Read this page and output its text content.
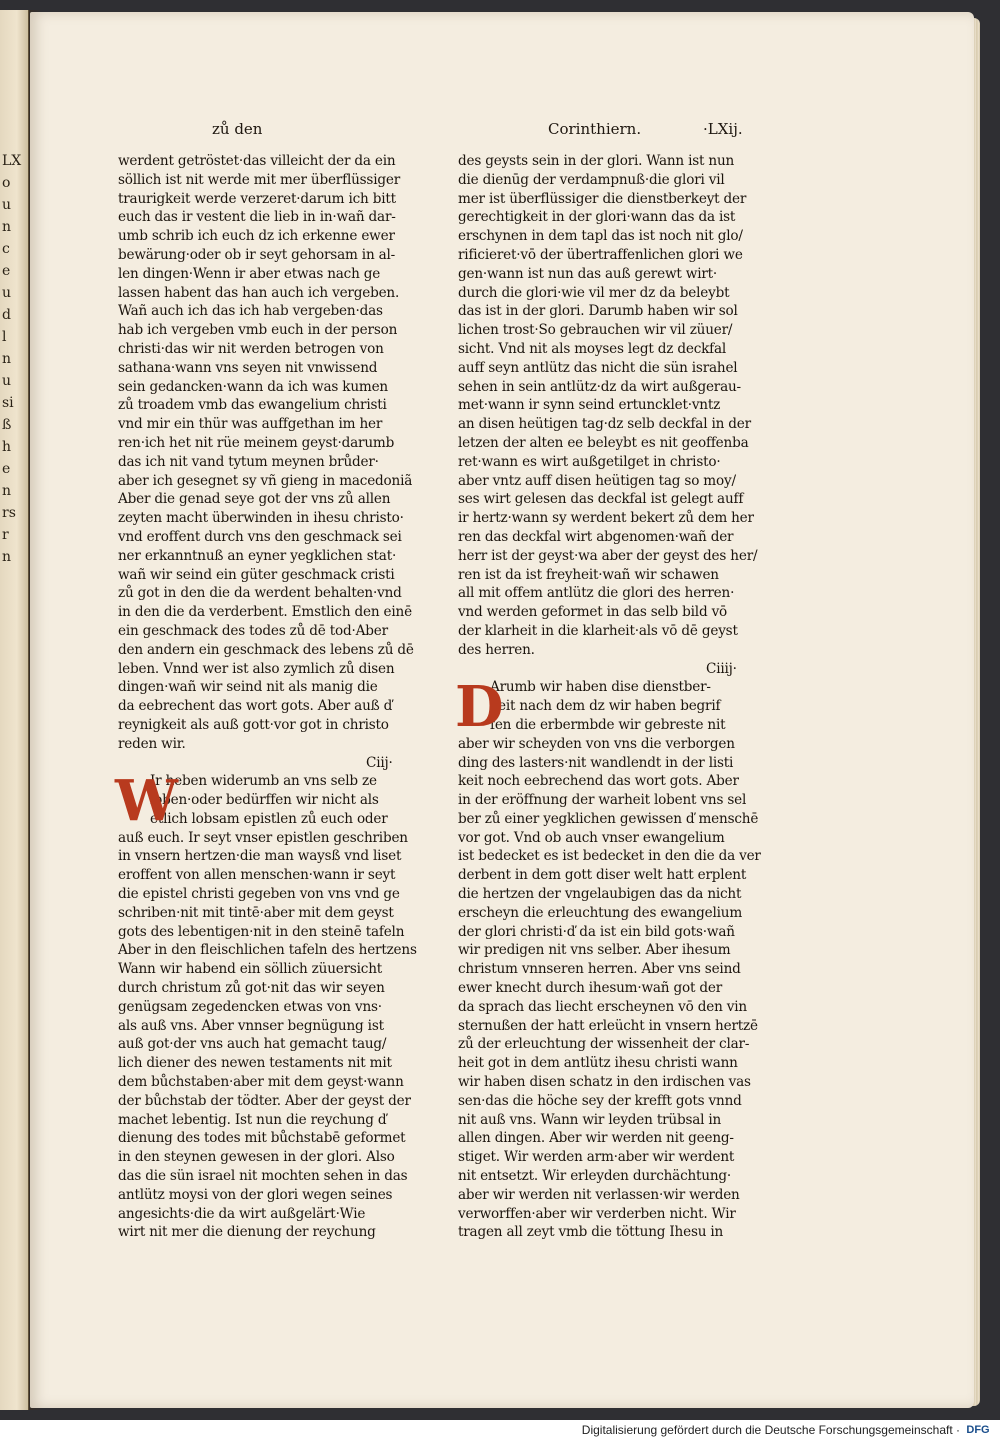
LX
o
u
n
c
e
u
d
l
n
u
si
ß
h
e
n
rs
r
n
zů den	Corinthiern.	·LXij.
werdent getröstet·das villeicht der da ein
söllich ist nit werde mit mer überflüssiger
traurigkeit werde verzeret·darum ich bitt
euch das ir vestent die lieb in in·wañ dar-
umb schrib ich euch dz ich erkenne ewer
bewärung·oder ob ir seyt gehorsam in al-
len dingen·Wenn ir aber etwas nach ge
lassen habent das han auch ich vergeben.
Wañ auch ich das ich hab vergeben·das
hab ich vergeben vmb euch in der person
christi·das wir nit werden betrogen von
sathana·wann vns seyen nit vnwissend
sein gedancken·wann da ich was kumen
zů troadem vmb das ewangelium christi
vnd mir ein thür was auffgethan im her
ren·ich het nit rüe meinem geyst·darumb
das ich nit vand tytum meynen brůder·
aber ich gesegnet sy vñ gieng in macedoniã
Aber die genad seye got der vns zů allen
zeyten macht überwinden in ihesu christo·
vnd eroffent durch vns den geschmack sei
ner erkanntnuß an eyner yegklichen stat·
wañ wir seind ein güter geschmack cristi
zů got in den die da werdent behalten·vnd
in den die da verderbent. Emstlich den einē
ein geschmack des todes zů dē tod·Aber
den andern ein geschmack des lebens zů dē
leben. Vnnd wer ist also zymlich zů disen
dingen·wañ wir seind nit als manig die
da eebrechent das wort gots. Aber auß ď
reynigkeit als auß gott·vor got in christo
reden wir.
Ciij·
W
Ir heben widerumb an vns selb ze
loben·oder bedürffen wir nicht als
etlich lobsam epistlen zů euch oder
auß euch. Ir seyt vnser epistlen geschriben
in vnsern hertzen·die man waysß vnd liset
eroffent von allen menschen·wann ir seyt
die epistel christi gegeben von vns vnd ge
schriben·nit mit tintē·aber mit dem geyst
gots des lebentigen·nit in den steinē tafeln
Aber in den fleischlichen tafeln des hertzens
Wann wir habend ein söllich züuersicht
durch christum zů got·nit das wir seyen
genügsam zegedencken etwas von vns·
als auß vns. Aber vnnser begnügung ist
auß got·der vns auch hat gemacht taug/
lich diener des newen testaments nit mit
dem bůchstaben·aber mit dem geyst·wann
der bůchstab der tödter. Aber der geyst der
machet lebentig. Ist nun die reychung ď
dienung des todes mit bůchstabē geformet
in den steynen gewesen in der glori. Also
das die sün israel nit mochten sehen in das
antlütz moysi von der glori wegen seines
angesichts·die da wirt außgelärt·Wie
wirt nit mer die dienung der reychung
des geysts sein in der glori. Wann ist nun
die dienūg der verdampnuß·die glori vil
mer ist überflüssiger die dienstberkeyt der
gerechtigkeit in der glori·wann das da ist
erschynen in dem tapl das ist noch nit glo/
rificieret·vō der übertraffenlichen glori we
gen·wann ist nun das auß gerewt wirt·
durch die glori·wie vil mer dz da beleybt
das ist in der glori. Darumb haben wir sol
lichen trost·So gebrauchen wir vil züuer/
sicht. Vnd nit als moyses legt dz deckfal
auff seyn antlütz das nicht die sün israhel
sehen in sein antlütz·dz da wirt außgerau-
met·wann ir synn seind ertuncklet·vntz
an disen heütigen tag·dz selb deckfal in der
letzen der alten ee beleybt es nit geoffenba
ret·wann es wirt außgetilget in christo·
aber vntz auff disen heütigen tag so moy/
ses wirt gelesen das deckfal ist gelegt auff
ir hertz·wann sy werdent bekert zů dem her
ren das deckfal wirt abgenomen·wañ der
herr ist der geyst·wa aber der geyst des her/
ren ist da ist freyheit·wañ wir schawen
all mit offem antlütz die glori des herren·
vnd werden geformet in das selb bild vō
der klarheit in die klarheit·als vō dē geyst
des herren.
Ciiij·
D
Arumb wir haben dise dienstber-
keit nach dem dz wir haben begrif
fen die erbermbde wir gebreste nit
aber wir scheyden von vns die verborgen
ding des lasters·nit wandlendt in der listi
keit noch eebrechend das wort gots. Aber
in der eröffnung der warheit lobent vns sel
ber zů einer yegklichen gewissen ď menschē
vor got. Vnd ob auch vnser ewangelium
ist bedecket es ist bedecket in den die da ver
derbent in dem gott diser welt hatt erplent
die hertzen der vngelaubigen das da nicht
erscheyn die erleuchtung des ewangelium
der glori christi·ď da ist ein bild gots·wañ
wir predigen nit vns selber. Aber ihesum
christum vnnseren herren. Aber vns seind
ewer knecht durch ihesum·wañ got der
da sprach das liecht erscheynen vō den vin
sternußen der hatt erleücht in vnsern hertzē
zů der erleuchtung der wissenheit der clar-
heit got in dem antlütz ihesu christi wann
wir haben disen schatz in den irdischen vas
sen·das die höche sey der krefft gots vnnd
nit auß vns. Wann wir leyden trübsal in
allen dingen. Aber wir werden nit geeng-
stiget. Wir werden arm·aber wir werdent
nit entsetzt. Wir erleyden durchächtung·
aber wir werden nit verlassen·wir werden
verworffen·aber wir verderben nicht. Wir
tragen all zeyt vmb die töttung Ihesu in
Digitalisierung gefördert durch die Deutsche Forschungsgemeinschaft · DFG
